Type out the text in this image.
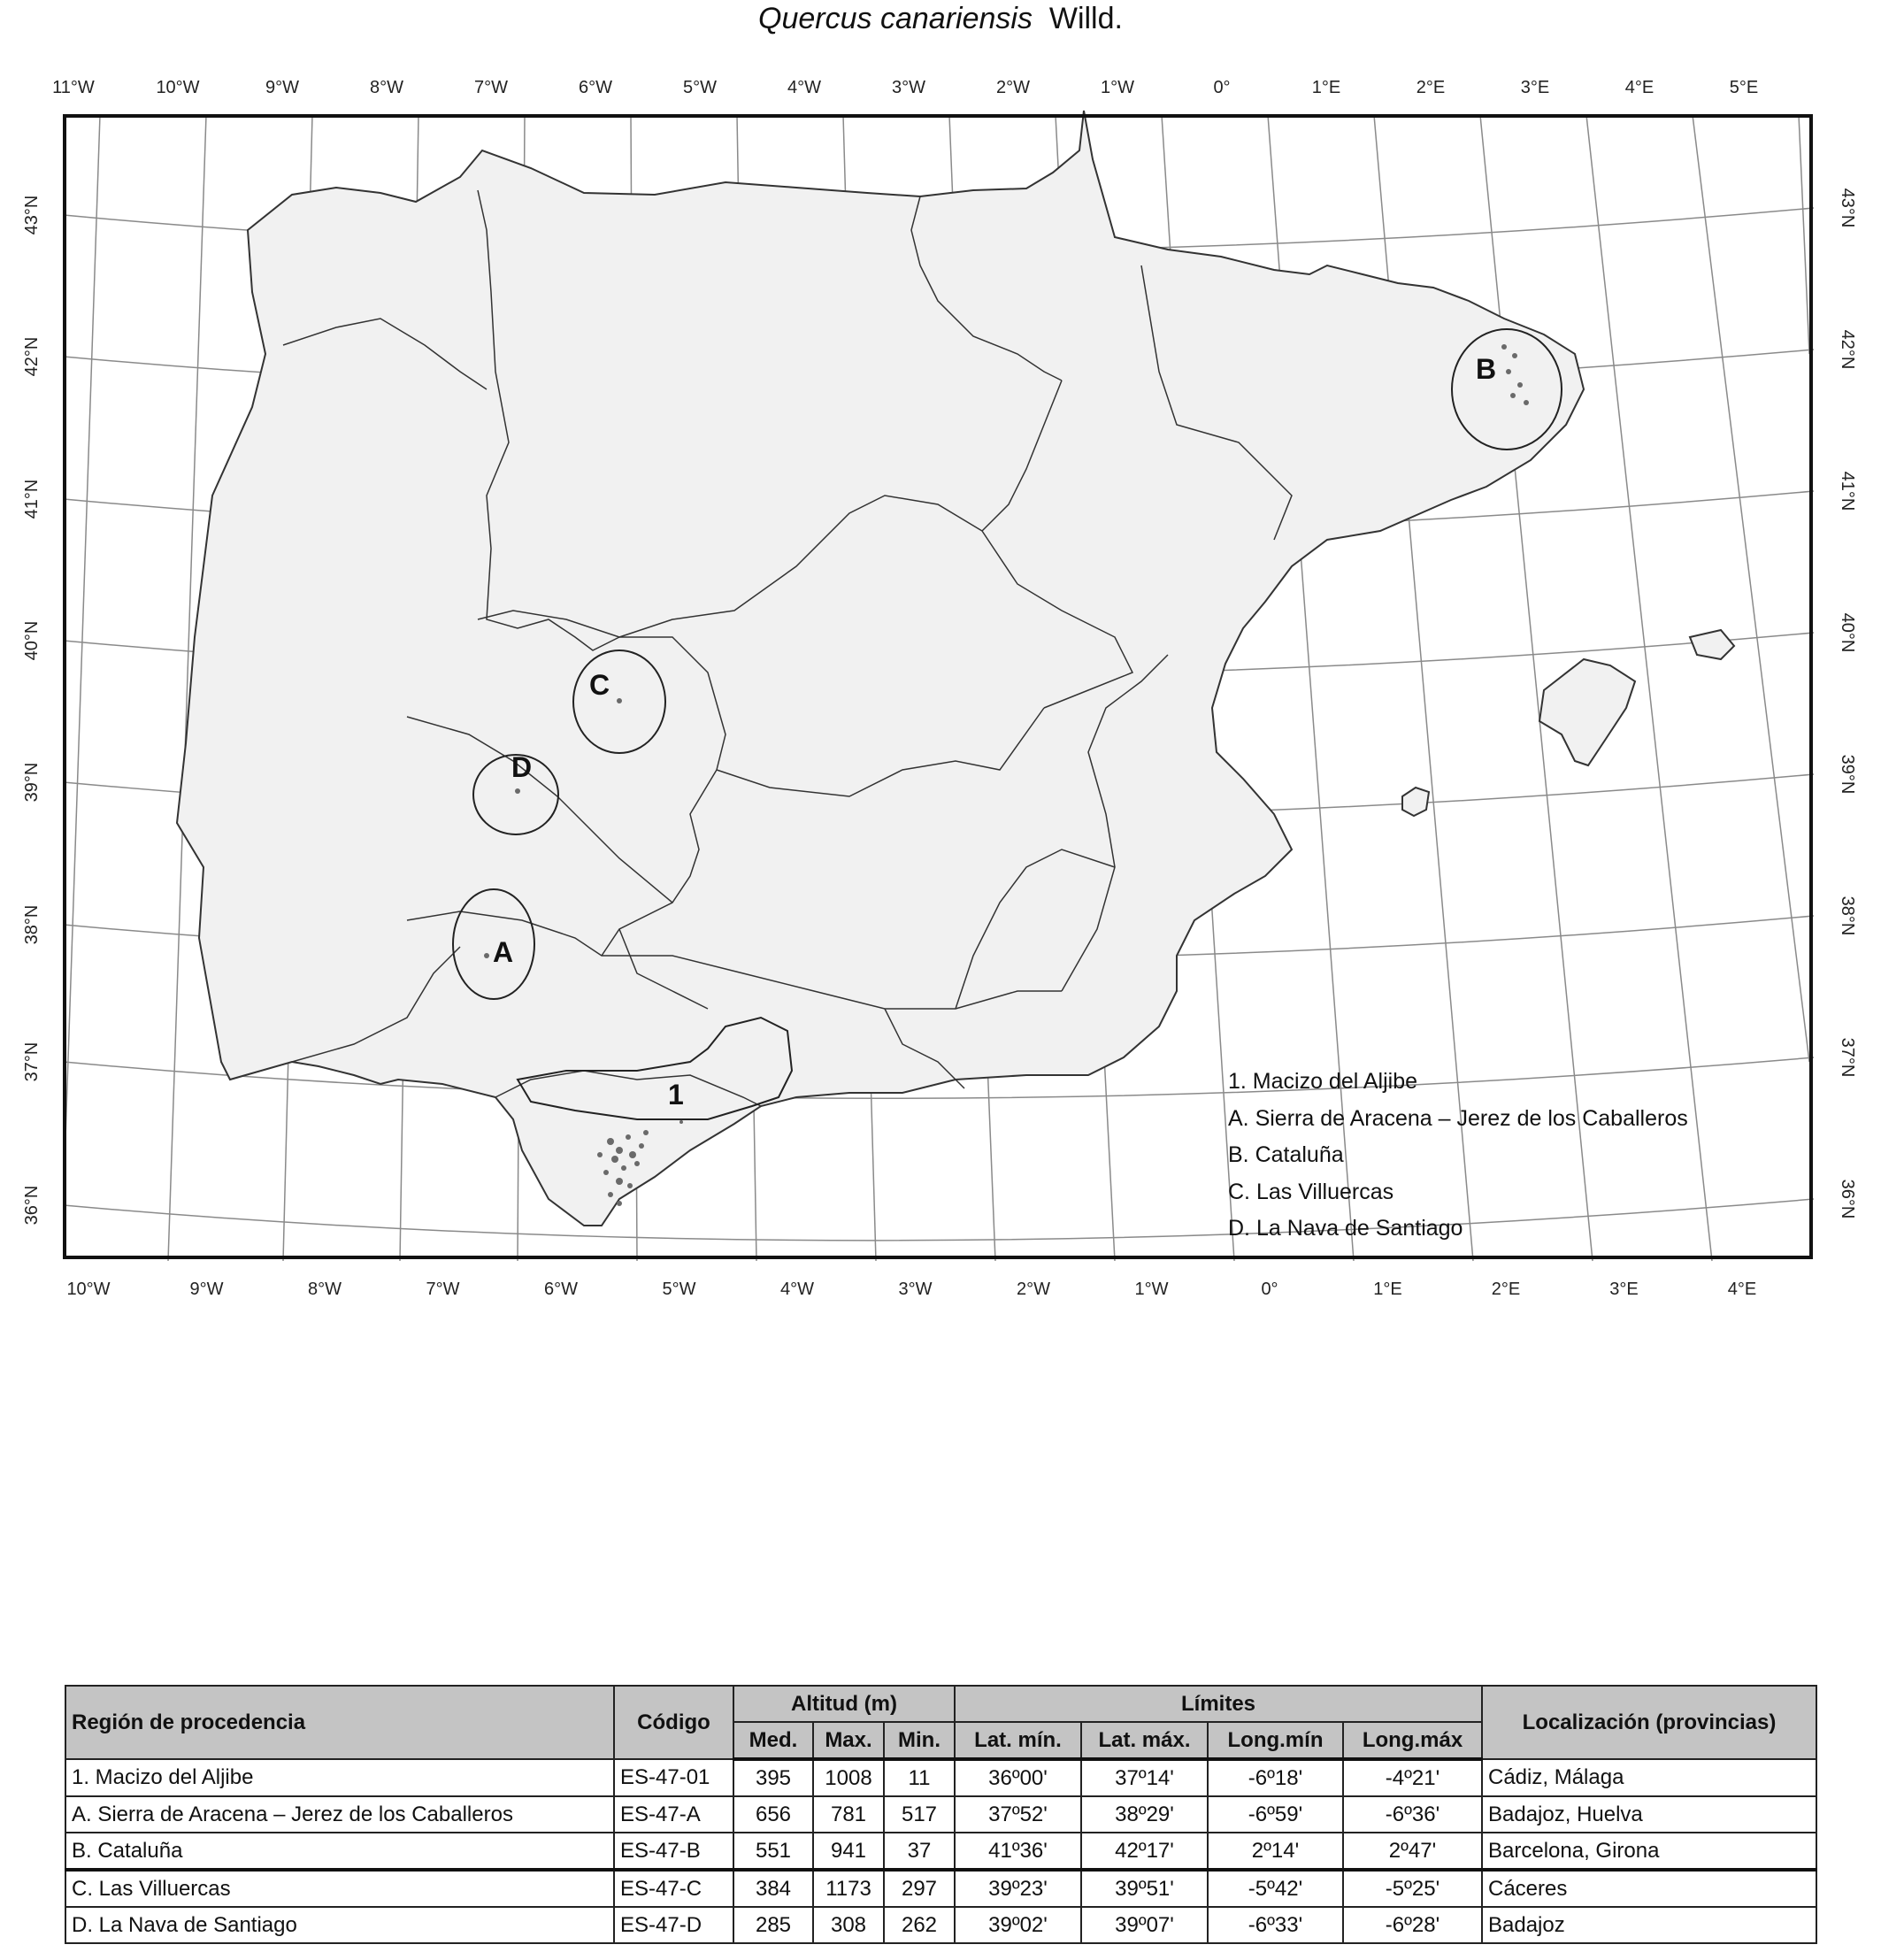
Quercus canariensis Willd.
11°W	10°W	9°W	8°W	7°W	6°W	5°W	4°W	3°W	2°W	1°W	0°	1°E	2°E	3°E	4°E	5°E
10°W	9°W	8°W	7°W	6°W	5°W	4°W	3°W	2°W	1°W	0°	1°E	2°E	3°E	4°E
43°N
42°N
41°N
40°N
39°N
38°N
37°N
36°N
43°N
42°N
41°N
40°N
39°N
38°N
37°N
36°N
1
A
B
C
D
1. Macizo del Aljibe
A. Sierra de Aracena – Jerez de los Caballeros
B. Cataluña
C. Las Villuercas
D. La Nava de Santiago
Región de procedencia	Código	Altitud (m)			Límites				Localización (provincias)
		Med.	Max.	Min.	Lat. mín.	Lat. máx.	Long.mín	Long.máx	
1. Macizo del Aljibe	ES-47-01	395	1008	11	36º00'	37º14'	-6º18'	-4º21'	Cádiz, Málaga
A. Sierra de Aracena – Jerez de los Caballeros	ES-47-A	656	781	517	37º52'	38º29'	-6º59'	-6º36'	Badajoz, Huelva
B. Cataluña	ES-47-B	551	941	37	41º36'	42º17'	2º14'	2º47'	Barcelona, Girona
C. Las Villuercas	ES-47-C	384	1173	297	39º23'	39º51'	-5º42'	-5º25'	Cáceres
D. La Nava de Santiago	ES-47-D	285	308	262	39º02'	39º07'	-6º33'	-6º28'	Badajoz
